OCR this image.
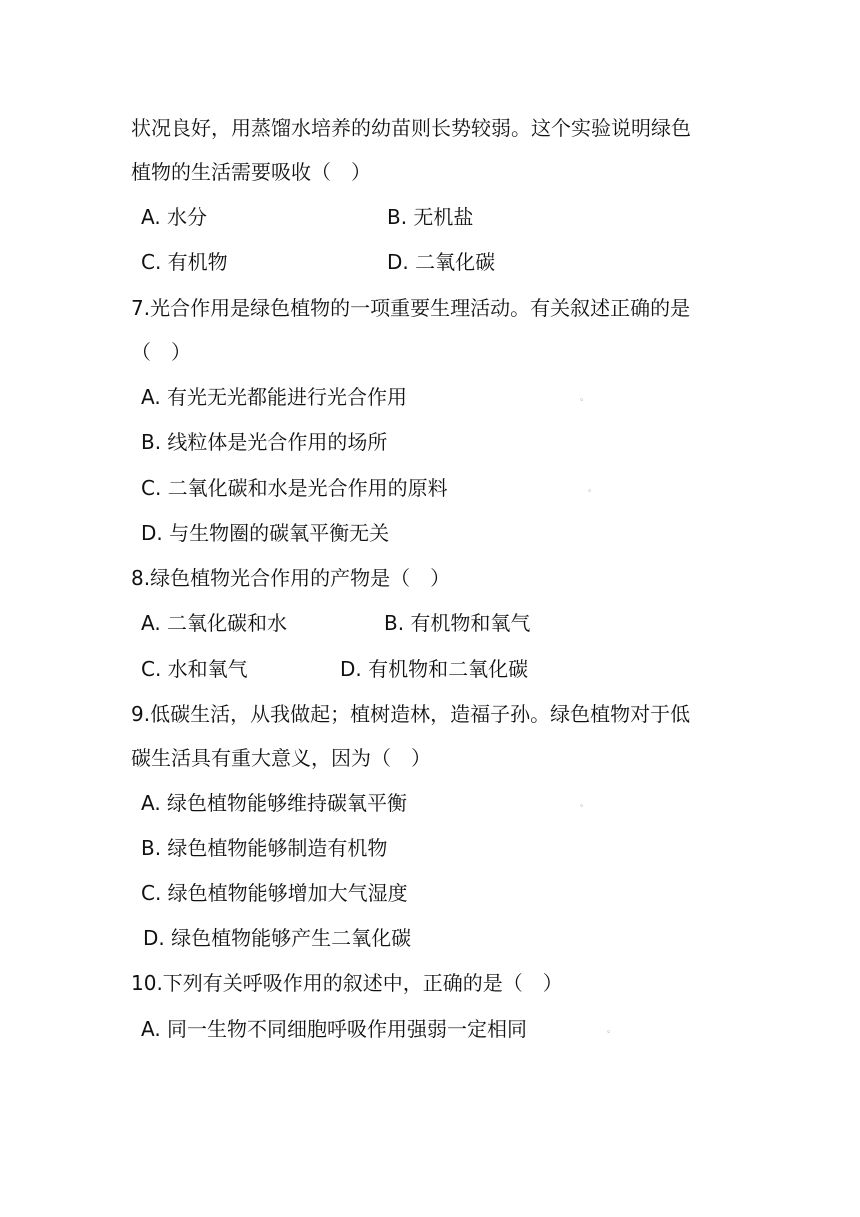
状况良好，用蒸馏水培养的幼苗则长势较弱。这个实验说明绿色
植物的生活需要吸收（　）
A. 水分	B. 无机盐
C. 有机物	D. 二氧化碳
7.光合作用是绿色植物的一项重要生理活动。有关叙述正确的是
（　）
A. 有光无光都能进行光合作用	。
B. 线粒体是光合作用的场所
C. 二氧化碳和水是光合作用的原料	。
D. 与生物圈的碳氧平衡无关
8.绿色植物光合作用的产物是（　）
A. 二氧化碳和水	B. 有机物和氧气
C. 水和氧气	D. 有机物和二氧化碳
9.低碳生活，从我做起；植树造林，造福子孙。绿色植物对于低
碳生活具有重大意义，因为（　）
A. 绿色植物能够维持碳氧平衡	。
B. 绿色植物能够制造有机物
C. 绿色植物能够增加大气湿度
D. 绿色植物能够产生二氧化碳
10.下列有关呼吸作用的叙述中，正确的是（　）
A. 同一生物不同细胞呼吸作用强弱一定相同	。
